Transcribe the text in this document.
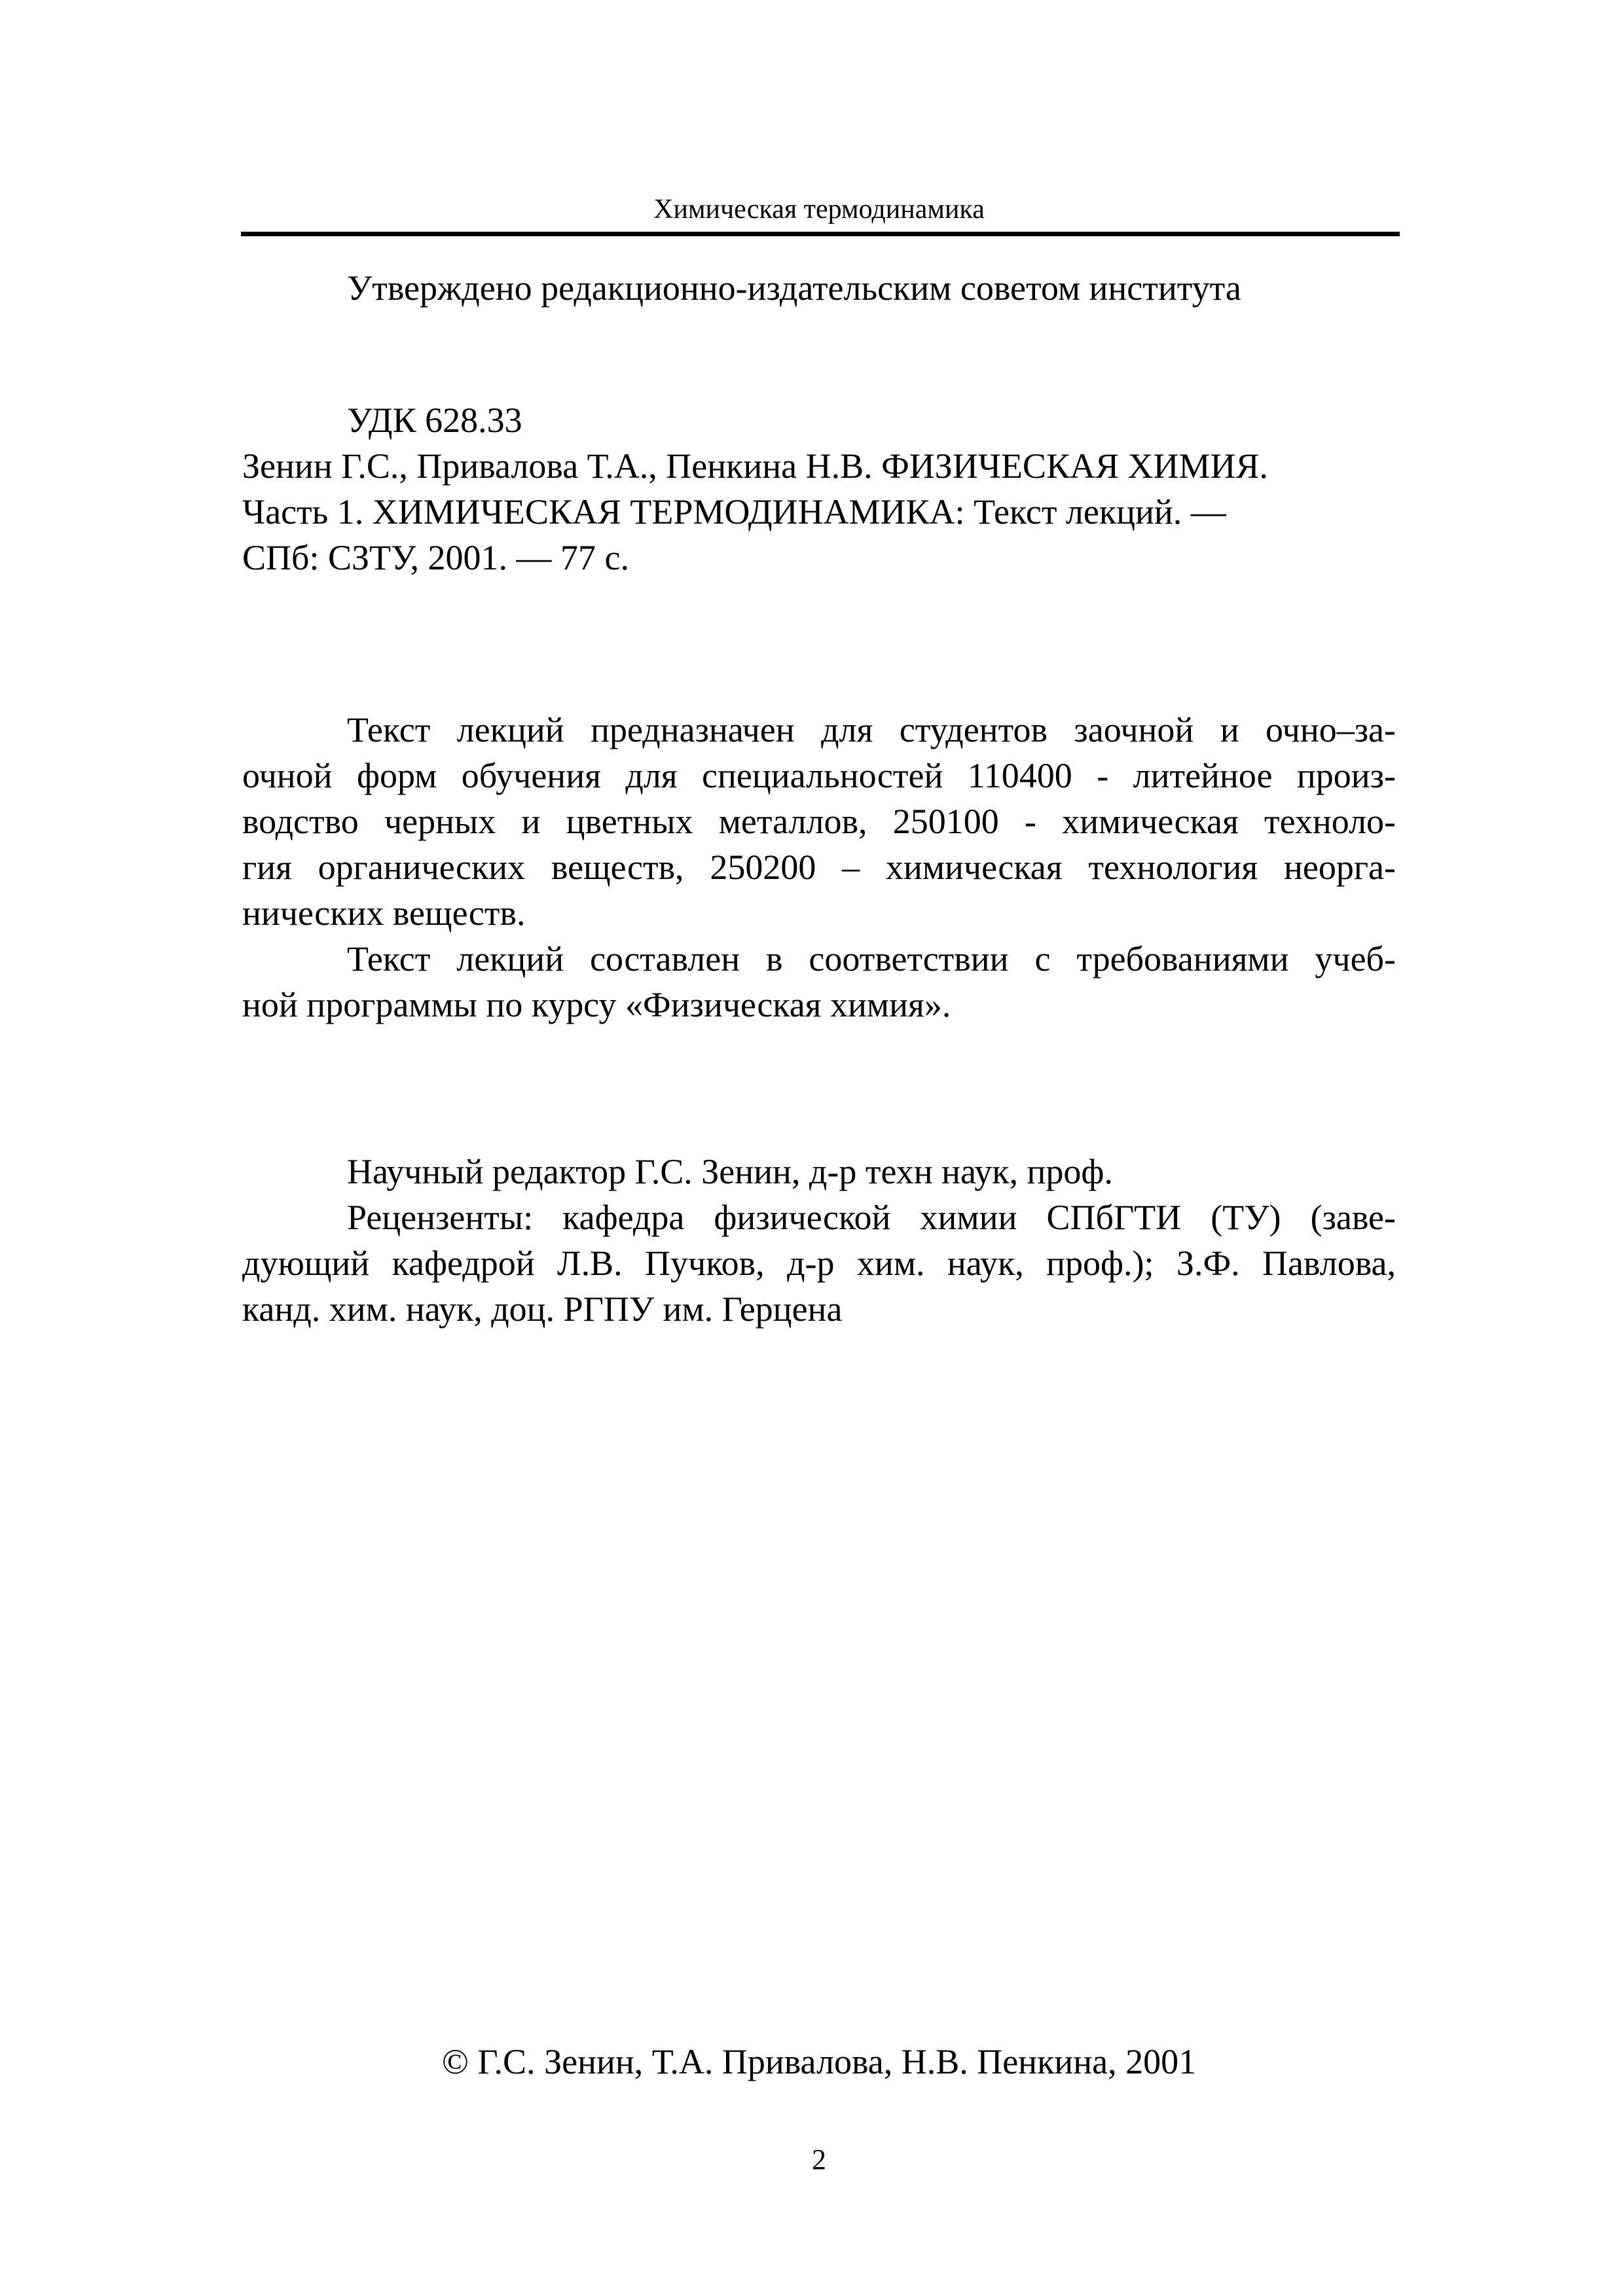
Химическая термодинамика
Утверждено редакционно-издательским советом института
УДК 628.33
Зенин Г.С., Привалова Т.А., Пенкина Н.В. ФИЗИЧЕСКАЯ ХИМИЯ.
Часть 1. ХИМИЧЕСКАЯ ТЕРМОДИНАМИКА: Текст лекций. —
СПб: СЗТУ, 2001. — 77 с.
Текст лекций предназначен для студентов заочной и очно–за-
очной форм обучения для специальностей 110400 - литейное произ-
водство черных и цветных металлов, 250100 - химическая техноло-
гия органических веществ, 250200 – химическая технология неорга-
нических веществ.
Текст лекций составлен в соответствии с требованиями учеб-
ной программы по курсу «Физическая химия».
Научный редактор Г.С. Зенин, д-р техн наук, проф.
Рецензенты: кафедра физической химии СПбГТИ (ТУ) (заве-
дующий кафедрой Л.В. Пучков, д-р хим. наук, проф.); З.Ф. Павлова,
канд. хим. наук, доц. РГПУ им. Герцена
© Г.С. Зенин, Т.А. Привалова, Н.В. Пенкина, 2001
2
